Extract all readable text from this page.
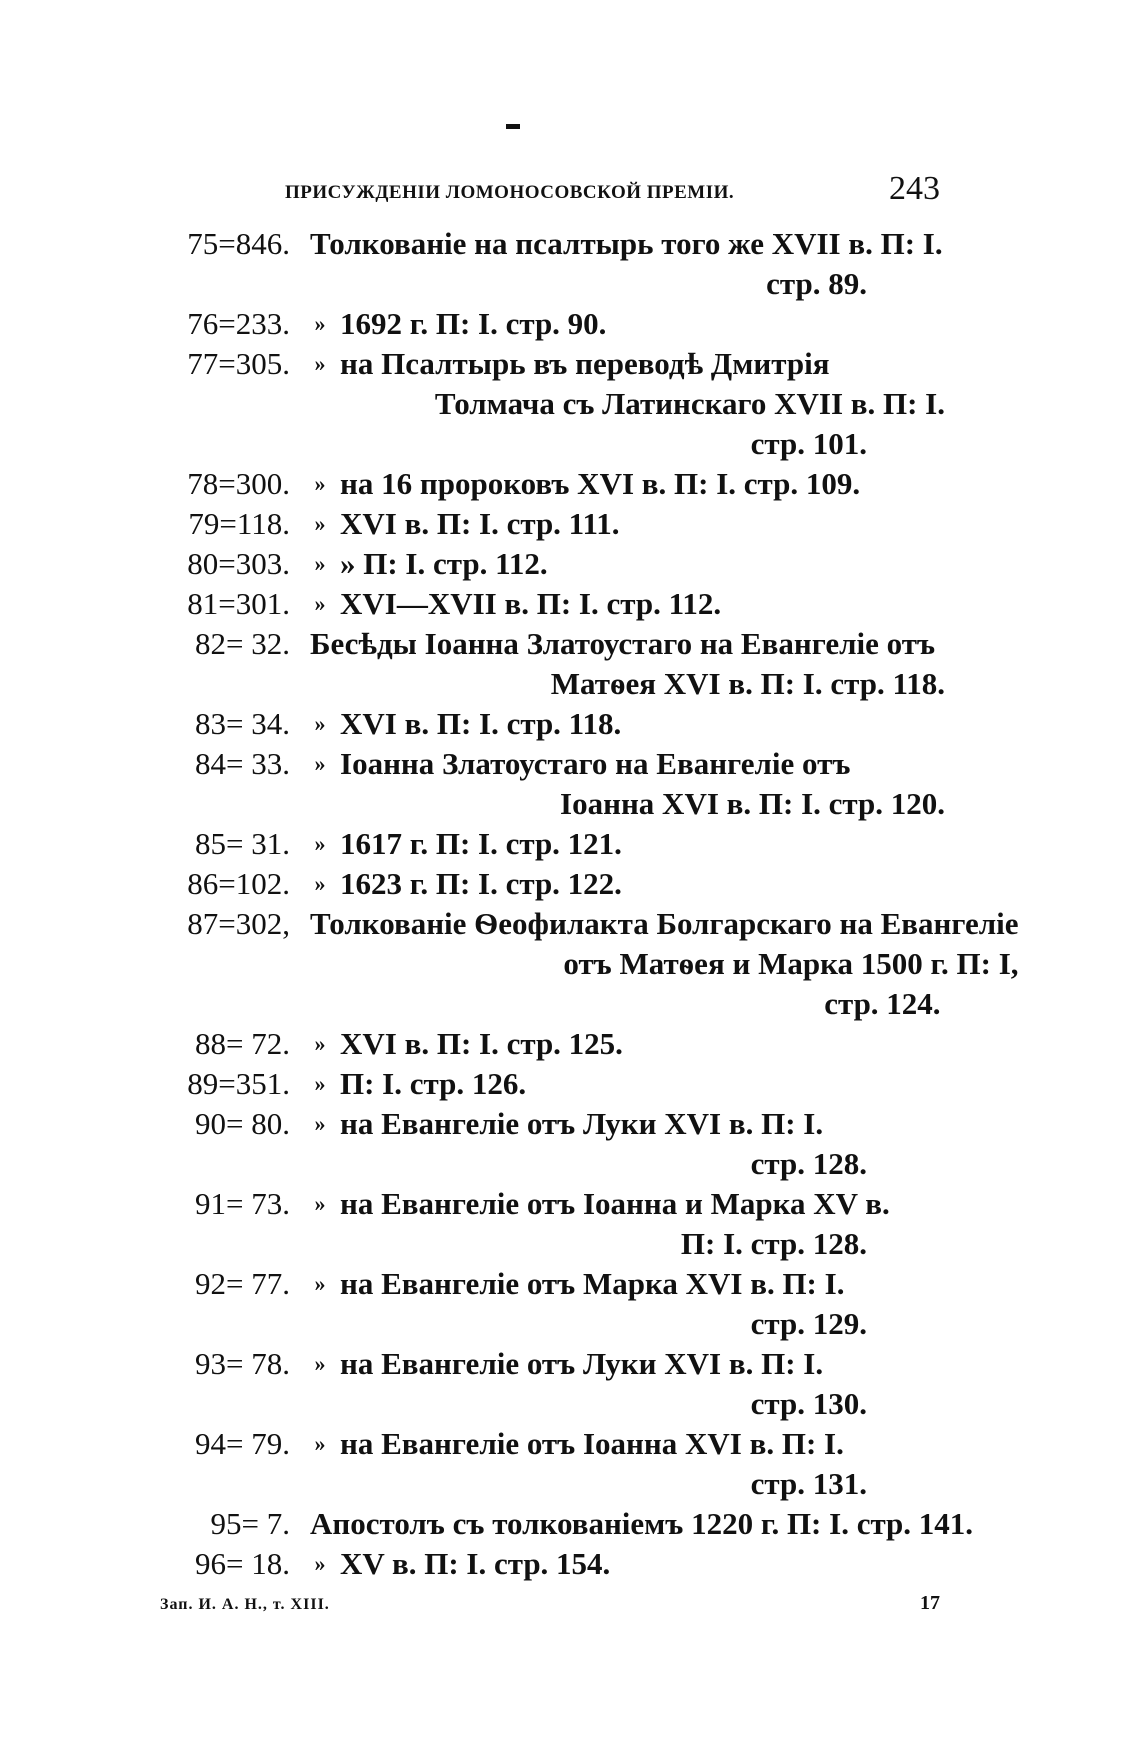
ПРИСУЖДЕНІИ ЛОМОНОСОВСКОЙ ПРЕМІИ.	243
75=846. Толкованіе на псалтырь того же XVII в. П: I.
стр. 89.
76=233.	» 1692 г. П: I. стр. 90.
77=305.	» на Псалтырь въ переводѣ Дмитрія
Толмача съ Латинскаго XVII в. П: I.
стр. 101.
78=300.	» на 16 пророковъ XVI в. П: I. стр. 109.
79=118.	» XVI в. П: I. стр. 111.
80=303.	» » П: I. стр. 112.
81=301.	» XVI—XVII в. П: I. стр. 112.
82= 32. Бесѣды Іоанна Златоустаго на Евангеліе отъ
Матѳея XVI в. П: I. стр. 118.
83= 34.	» XVI в. П: I. стр. 118.
84= 33.	» Іоанна Златоустаго на Евангеліе отъ
Іоанна XVI в. П: I. стр. 120.
85= 31.	» 1617 г. П: I. стр. 121.
86=102.	» 1623 г. П: I. стр. 122.
87=302, Толкованіе Ѳеофилакта Болгарскаго на Евангеліе
отъ Матѳея и Марка 1500 г. П: I,
стр. 124.
88= 72.	» XVI в. П: I. стр. 125.
89=351.	» П: I. стр. 126.
90= 80.	» на Евангеліе отъ Луки XVI в. П: I.
стр. 128.
91= 73.	» на Евангеліе отъ Іоанна и Марка XV в.
П: I. стр. 128.
92= 77.	» на Евангеліе отъ Марка XVI в. П: I.
стр. 129.
93= 78.	» на Евангеліе отъ Луки XVI в. П: I.
стр. 130.
94= 79.	» на Евангеліе отъ Іоанна XVI в. П: I.
стр. 131.
95= 7. Апостолъ съ толкованіемъ 1220 г. П: I. стр. 141.
96= 18.	» XV в. П: I. стр. 154.
Зап. И. А. Н., т. XIII.	17
